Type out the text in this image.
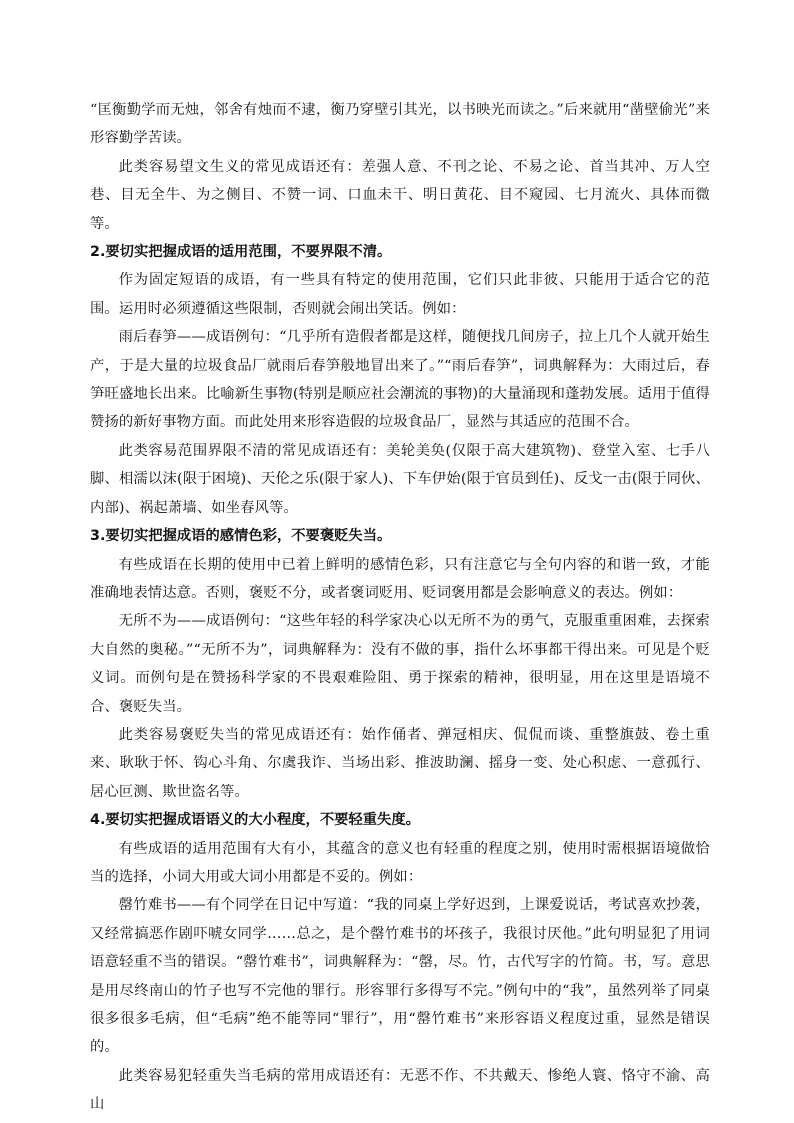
“匡衡勤学而无烛，邻舍有烛而不逮，衡乃穿壁引其光，以书映光而读之。”后来就用“凿壁偷光”来形容勤学苦读。

此类容易望文生义的常见成语还有：差强人意、不刊之论、不易之论、首当其冲、万人空巷、目无全牛、为之侧目、不赞一词、口血未干、明日黄花、目不窥园、七月流火、具体而微等。

2.要切实把握成语的适用范围，不要界限不清。

作为固定短语的成语，有一些具有特定的使用范围，它们只此非彼、只能用于适合它的范围。运用时必须遵循这些限制，否则就会闹出笑话。例如：

雨后春笋——成语例句：“几乎所有造假者都是这样，随便找几间房子，拉上几个人就开始生产，于是大量的垃圾食品厂就雨后春笋般地冒出来了。”“雨后春笋”，词典解释为：大雨过后，春笋旺盛地长出来。比喻新生事物(特别是顺应社会潮流的事物)的大量涌现和蓬勃发展。适用于值得赞扬的新好事物方面。而此处用来形容造假的垃圾食品厂，显然与其适应的范围不合。

此类容易范围界限不清的常见成语还有：美轮美奂(仅限于高大建筑物)、登堂入室、七手八脚、相濡以沫(限于困境)、天伦之乐(限于家人)、下车伊始(限于官员到任)、反戈一击(限于同伙、内部)、祸起萧墙、如坐春风等。

3.要切实把握成语的感情色彩，不要褒贬失当。

有些成语在长期的使用中已着上鲜明的感情色彩，只有注意它与全句内容的和谐一致，才能准确地表情达意。否则，褒贬不分，或者褒词贬用、贬词褒用都是会影响意义的表达。例如：

无所不为——成语例句：“这些年轻的科学家决心以无所不为的勇气，克服重重困难，去探索大自然的奥秘。”“无所不为”，词典解释为：没有不做的事，指什么坏事都干得出来。可见是个贬义词。而例句是在赞扬科学家的不畏艰难险阻、勇于探索的精神，很明显，用在这里是语境不合、褒贬失当。

此类容易褒贬失当的常见成语还有：始作俑者、弹冠相庆、侃侃而谈、重整旗鼓、卷土重来、耿耿于怀、钩心斗角、尔虞我诈、当场出彩、推波助澜、摇身一变、处心积虑、一意孤行、居心叵测、欺世盗名等。

4.要切实把握成语语义的大小程度，不要轻重失度。

有些成语的适用范围有大有小，其蕴含的意义也有轻重的程度之别，使用时需根据语境做恰当的选择，小词大用或大词小用都是不妥的。例如：

罄竹难书——有个同学在日记中写道：“我的同桌上学好迟到，上课爱说话，考试喜欢抄袭，又经常搞恶作剧吓唬女同学……总之，是个罄竹难书的坏孩子，我很讨厌他。”此句明显犯了用词语意轻重不当的错误。“罄竹难书”，词典解释为：“罄，尽。竹，古代写字的竹简。书，写。意思是用尽终南山的竹子也写不完他的罪行。形容罪行多得写不完。”例句中的“我”，虽然列举了同桌很多很多毛病，但“毛病”绝不能等同“罪行”，用“罄竹难书”来形容语义程度过重，显然是错误的。

此类容易犯轻重失当毛病的常用成语还有：无恶不作、不共戴天、惨绝人寰、恪守不渝、高山
